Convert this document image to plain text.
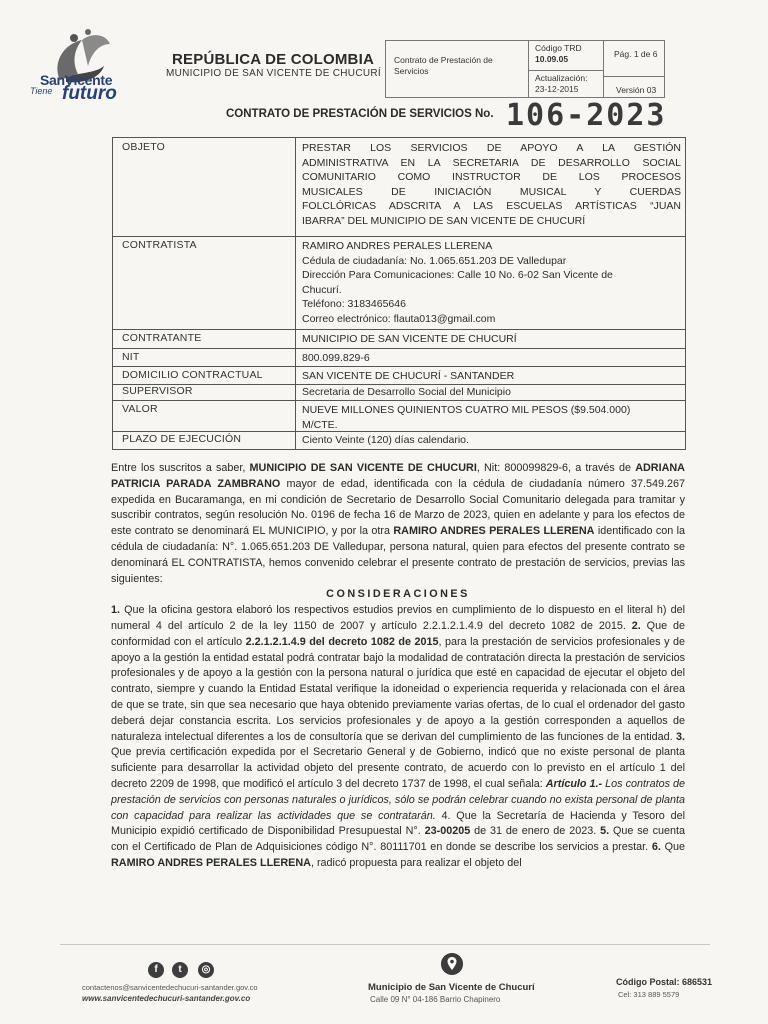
SanVicente
Tiene futuro
REPÚBLICA DE COLOMBIA
MUNICIPIO DE SAN VICENTE DE CHUCURÍ
Contrato de Prestación de
Servicios
Código TRD
10.09.05
Actualización:
23-12-2015
Pág. 1 de 6
Versión 03
CONTRATO DE PRESTACIÓN DE SERVICIOS No. 106-2023
OBJETO	PRESTAR LOS SERVICIOS DE APOYO A LA GESTIÓN
ADMINISTRATIVA EN LA SECRETARIA DE DESARROLLO SOCIAL
COMUNITARIO COMO INSTRUCTOR DE LOS PROCESOS
MUSICALES DE INICIACIÓN MUSICAL Y CUERDAS
FOLCLÓRICAS ADSCRITA A LAS ESCUELAS ARTÍSTICAS “JUAN
IBARRA” DEL MUNICIPIO DE SAN VICENTE DE CHUCURÍ
CONTRATISTA	RAMIRO ANDRES PERALES LLERENA
Cédula de ciudadanía: No. 1.065.651.203 DE Valledupar
Dirección Para Comunicaciones: Calle 10 No. 6-02 San Vicente de
Chucurí.
Teléfono: 3183465646
Correo electrónico: flauta013@gmail.com
CONTRATANTE	MUNICIPIO DE SAN VICENTE DE CHUCURÍ
NIT	800.099.829-6
DOMICILIO CONTRACTUAL	SAN VICENTE DE CHUCURÍ - SANTANDER
SUPERVISOR	Secretaria de Desarrollo Social del Municipio
VALOR	NUEVE MILLONES QUINIENTOS CUATRO MIL PESOS ($9.504.000)
M/CTE.
PLAZO DE EJECUCIÓN	Ciento Veinte (120) días calendario.

Entre los suscritos a saber, MUNICIPIO DE SAN VICENTE DE CHUCURI, Nit: 800099829-6, a través de ADRIANA PATRICIA PARADA ZAMBRANO mayor de edad, identificada con la cédula de ciudadanía número 37.549.267 expedida en Bucaramanga, en mi condición de Secretario de Desarrollo Social Comunitario delegada para tramitar y suscribir contratos, según resolución No. 0196 de fecha 16 de Marzo de 2023, quien en adelante y para los efectos de este contrato se denominará EL MUNICIPIO, y por la otra RAMIRO ANDRES PERALES LLERENA identificado con la cédula de ciudadanía: N°. 1.065.651.203 DE Valledupar, persona natural, quien para efectos del presente contrato se denominará EL CONTRATISTA, hemos convenido celebrar el presente contrato de prestación de servicios, previas las siguientes:

CONSIDERACIONES

1. Que la oficina gestora elaboró los respectivos estudios previos en cumplimiento de lo dispuesto en el literal h) del numeral 4 del artículo 2 de la ley 1150 de 2007 y artículo 2.2.1.2.1.4.9 del decreto 1082 de 2015. 2. Que de conformidad con el artículo 2.2.1.2.1.4.9 del decreto 1082 de 2015, para la prestación de servicios profesionales y de apoyo a la gestión la entidad estatal podrá contratar bajo la modalidad de contratación directa la prestación de servicios profesionales y de apoyo a la gestión con la persona natural o jurídica que esté en capacidad de ejecutar el objeto del contrato, siempre y cuando la Entidad Estatal verifique la idoneidad o experiencia requerida y relacionada con el área de que se trate, sin que sea necesario que haya obtenido previamente varias ofertas, de lo cual el ordenador del gasto deberá dejar constancia escrita. Los servicios profesionales y de apoyo a la gestión corresponden a aquellos de naturaleza intelectual diferentes a los de consultoría que se derivan del cumplimiento de las funciones de la entidad. 3. Que previa certificación expedida por el Secretario General y de Gobierno, indicó que no existe personal de planta suficiente para desarrollar la actividad objeto del presente contrato, de acuerdo con lo previsto en el artículo 1 del decreto 2209 de 1998, que modificó el artículo 3 del decreto 1737 de 1998, el cual señala: Artículo 1.- Los contratos de prestación de servicios con personas naturales o jurídicos, sólo se podrán celebrar cuando no exista personal de planta con capacidad para realizar las actividades que se contratarán. 4. Que la Secretaría de Hacienda y Tesoro del Municipio expidió certificado de Disponibilidad Presupuestal N°. 23-00205 de 31 de enero de 2023. 5. Que se cuenta con el Certificado de Plan de Adquisiciones código N°. 80111701 en donde se describe los servicios a prestar. 6. Que RAMIRO ANDRES PERALES LLERENA, radicó propuesta para realizar el objeto del

f	t	◎
contactenos@sanvicentedechucuri-santander.gov.co
www.sanvicentedechucuri-santander.gov.co
Municipio de San Vicente de Chucurí
Calle 09 N° 04-186 Barrio Chapinero
Código Postal: 686531
Cel: 313 889 5579
